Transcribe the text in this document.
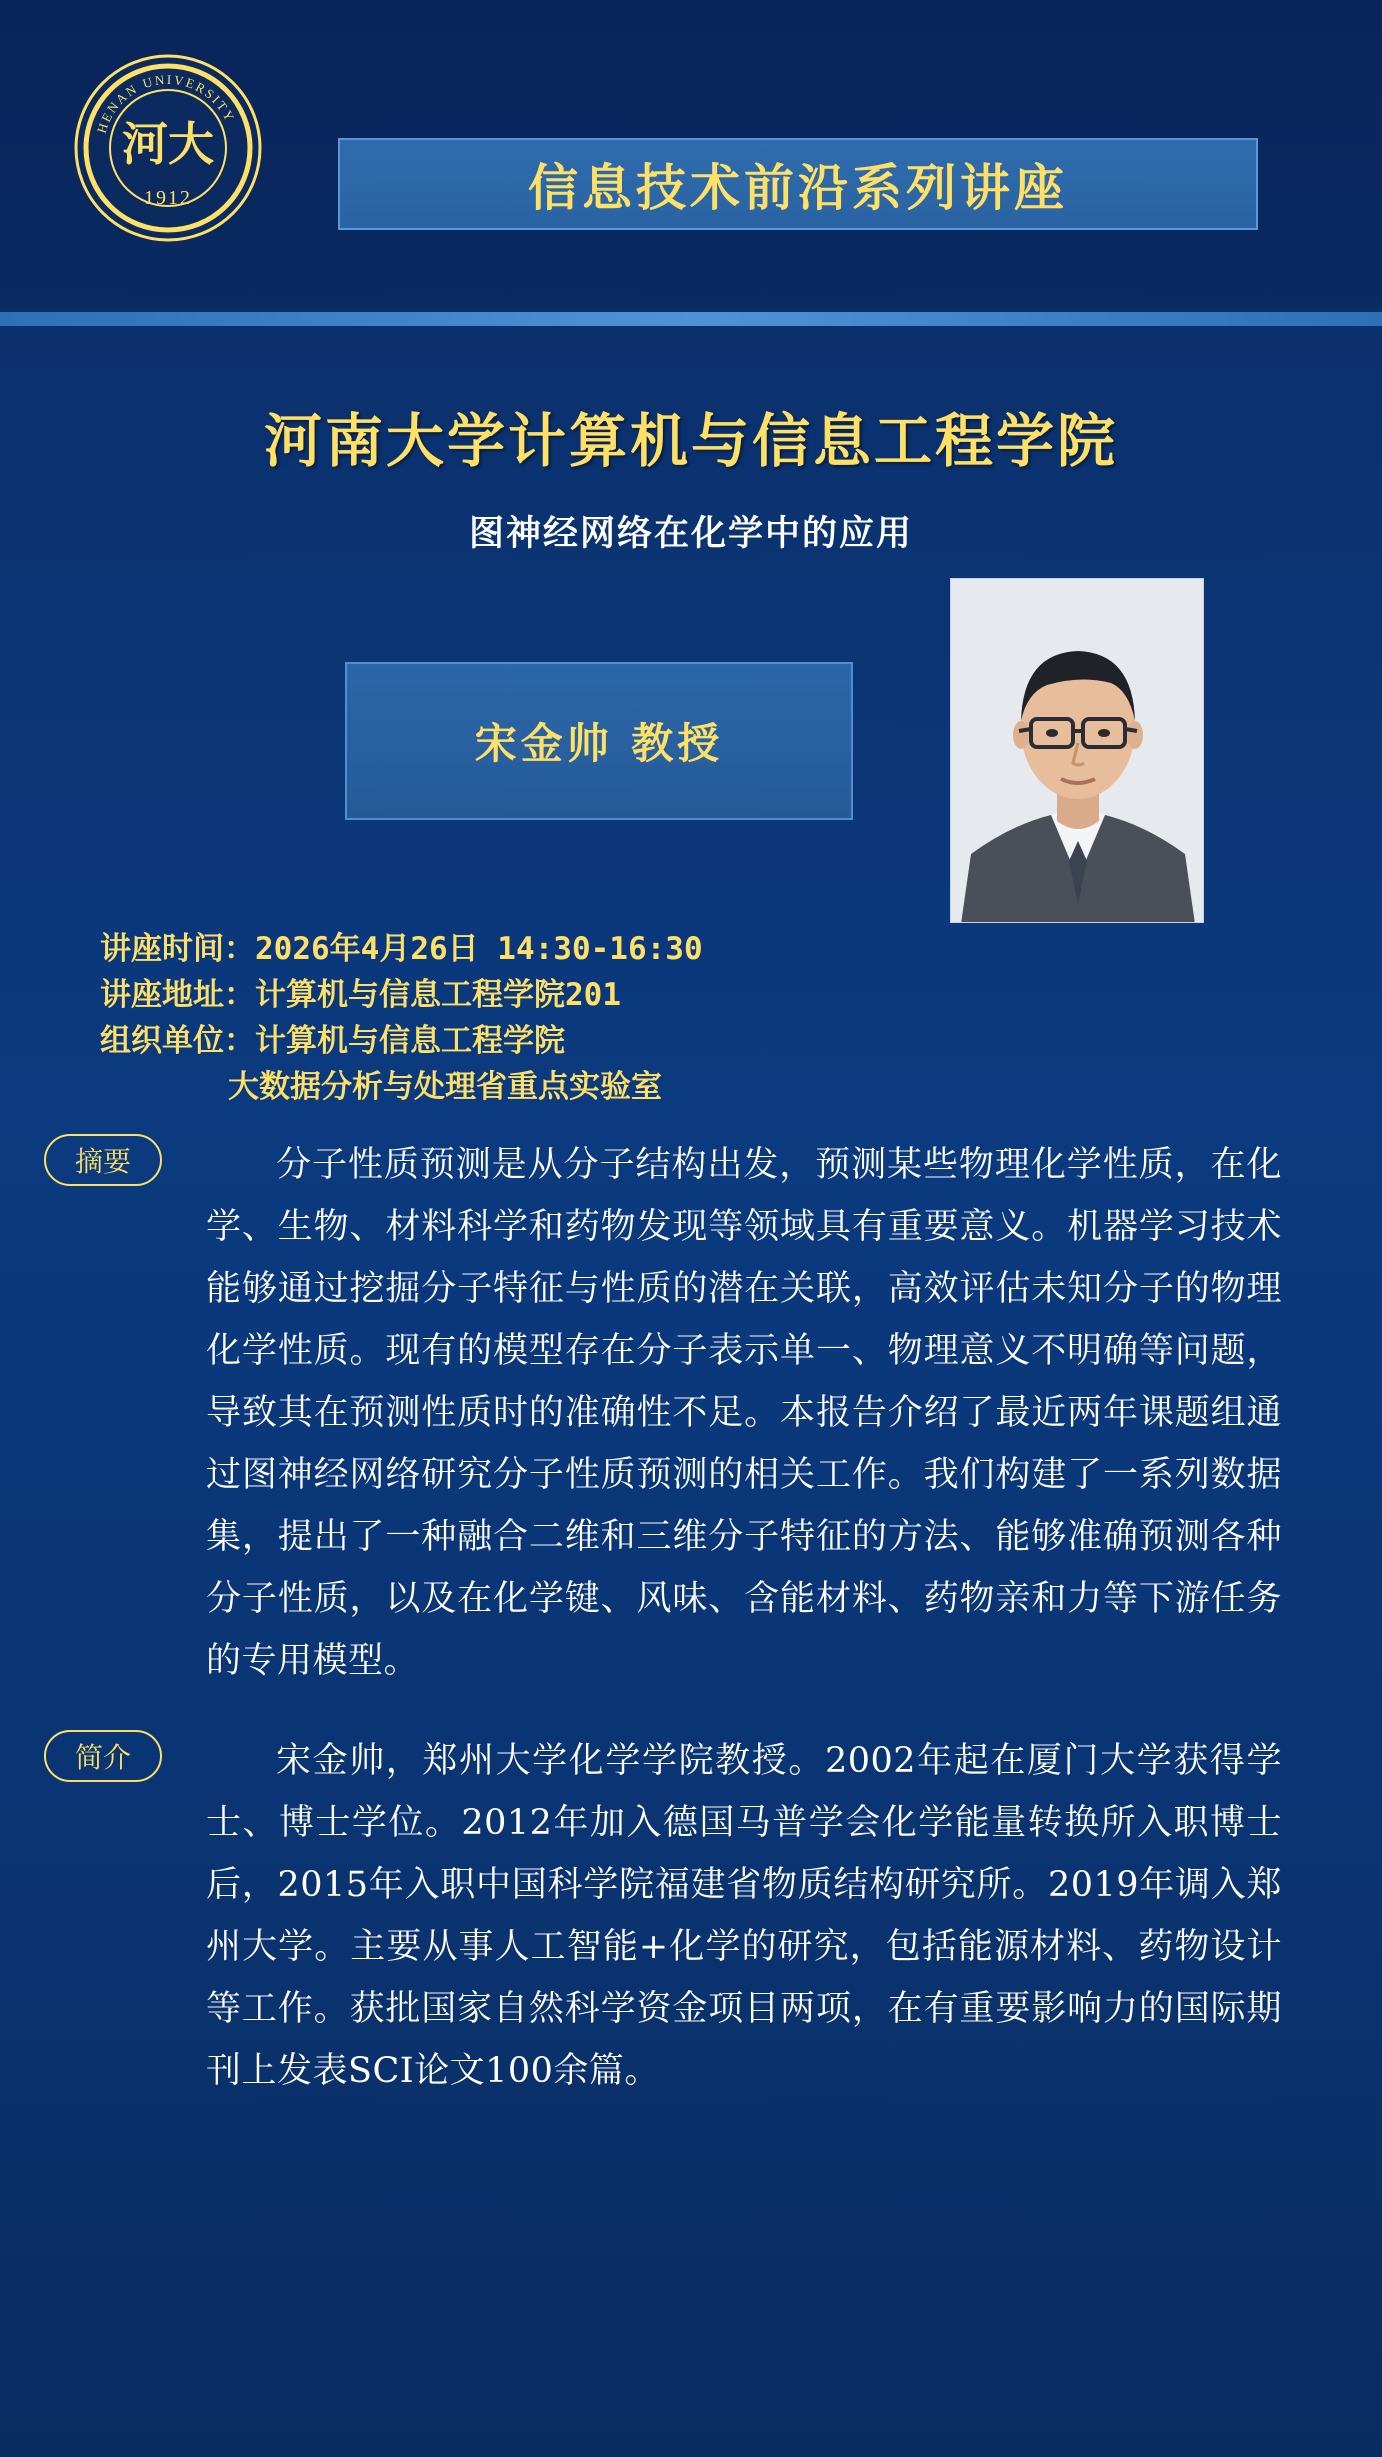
HENAN UNIVERSITY
河大
1912	信息技术前沿系列讲座
河南大学计算机与信息工程学院
图神经网络在化学中的应用
宋金帅 教授
讲座时间：2026年4月26日 14:30-16:30
讲座地址：计算机与信息工程学院201
组织单位：计算机与信息工程学院
大数据分析与处理省重点实验室
摘要	分子性质预测是从分子结构出发，预测某些物理化学性质，在化学、生物、材料科学和药物发现等领域具有重要意义。机器学习技术能够通过挖掘分子特征与性质的潜在关联，高效评估未知分子的物理化学性质。现有的模型存在分子表示单一、物理意义不明确等问题，导致其在预测性质时的准确性不足。本报告介绍了最近两年课题组通过图神经网络研究分子性质预测的相关工作。我们构建了一系列数据集，提出了一种融合二维和三维分子特征的方法、能够准确预测各种分子性质，以及在化学键、风味、含能材料、药物亲和力等下游任务的专用模型。
简介	宋金帅，郑州大学化学学院教授。2002年起在厦门大学获得学士、博士学位。2012年加入德国马普学会化学能量转换所入职博士后，2015年入职中国科学院福建省物质结构研究所。2019年调入郑州大学。主要从事人工智能+化学的研究，包括能源材料、药物设计等工作。获批国家自然科学资金项目两项，在有重要影响力的国际期刊上发表SCI论文100余篇。
